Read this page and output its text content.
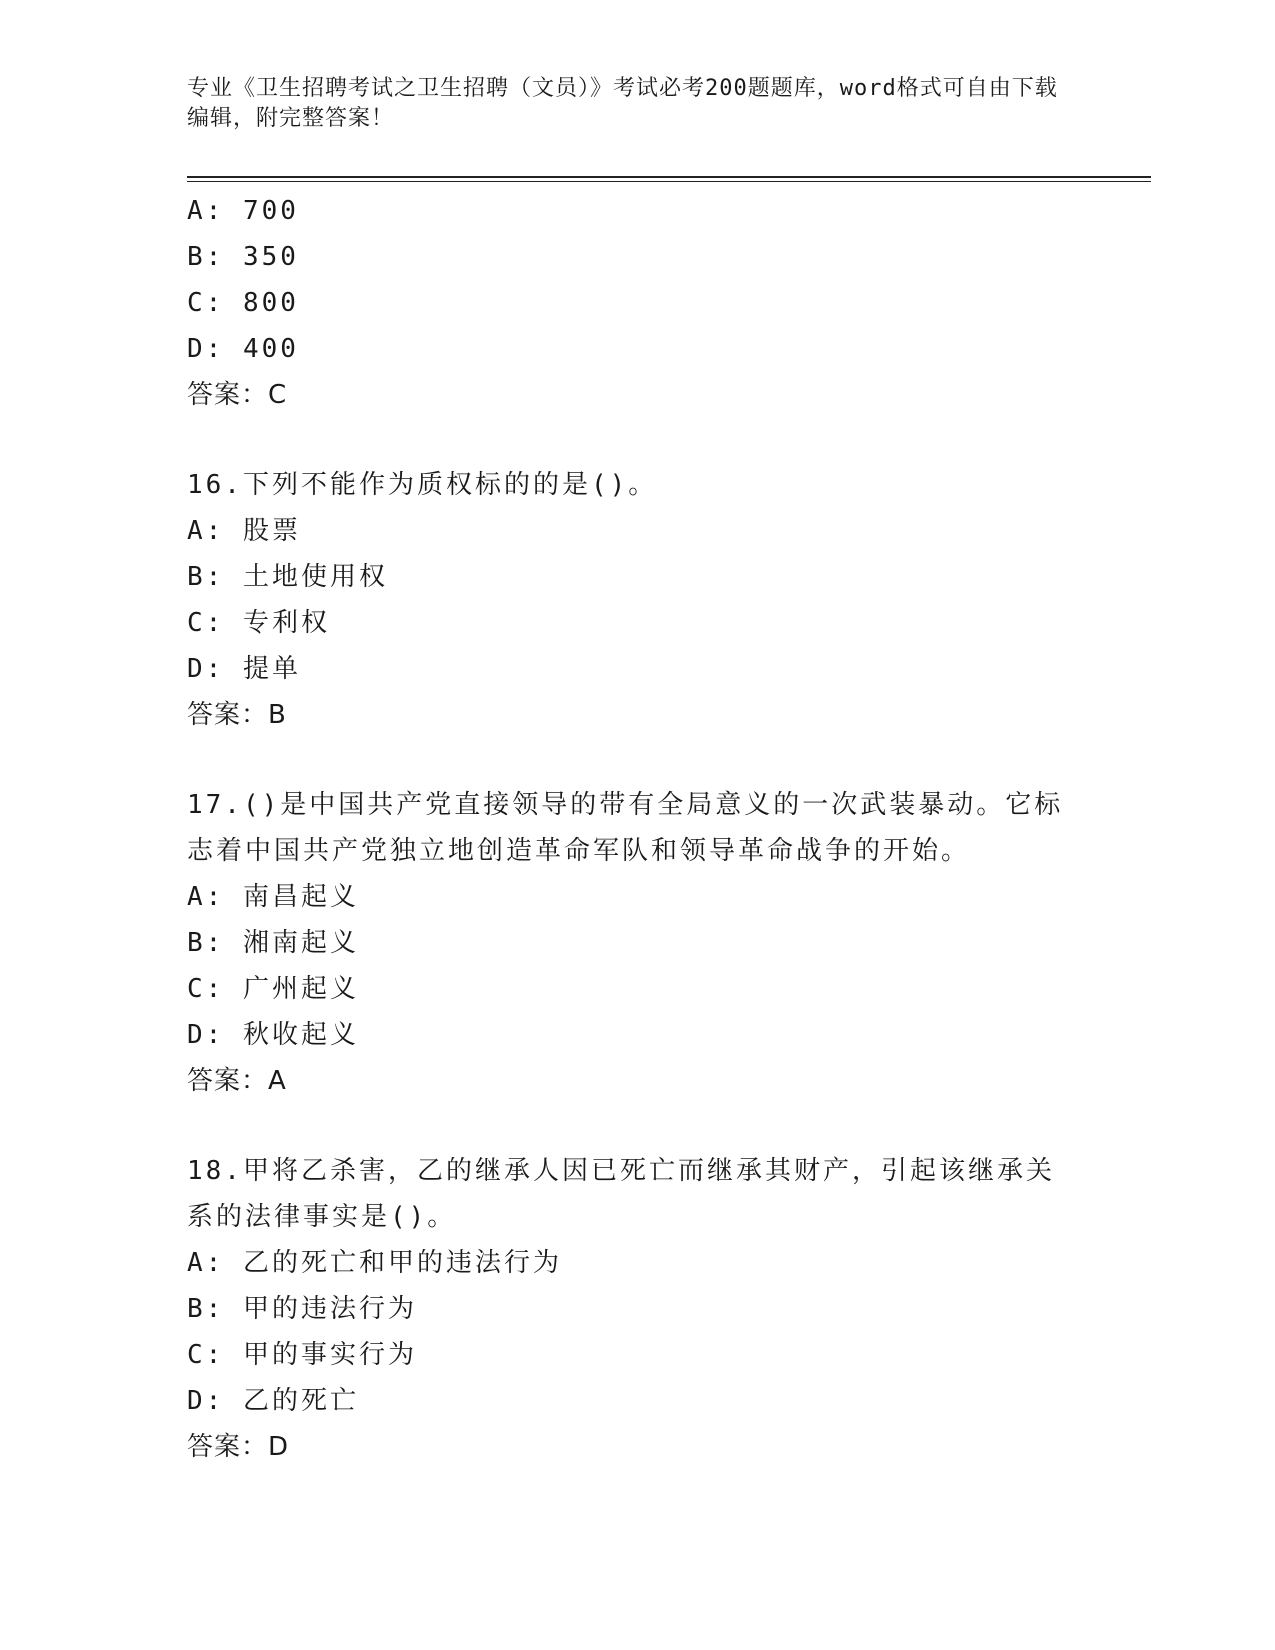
专业《卫生招聘考试之卫生招聘（文员）》考试必考200题题库，word格式可自由下载编辑，附完整答案！
A: 700
B: 350
C: 800
D: 400
答案：C
16.下列不能作为质权标的的是()。
A: 股票
B: 土地使用权
C: 专利权
D: 提单
答案：B
17.()是中国共产党直接领导的带有全局意义的一次武装暴动。它标志着中国共产党独立地创造革命军队和领导革命战争的开始。
A: 南昌起义
B: 湘南起义
C: 广州起义
D: 秋收起义
答案：A
18.甲将乙杀害，乙的继承人因已死亡而继承其财产，引起该继承关系的法律事实是()。
A: 乙的死亡和甲的违法行为
B: 甲的违法行为
C: 甲的事实行为
D: 乙的死亡
答案：D
